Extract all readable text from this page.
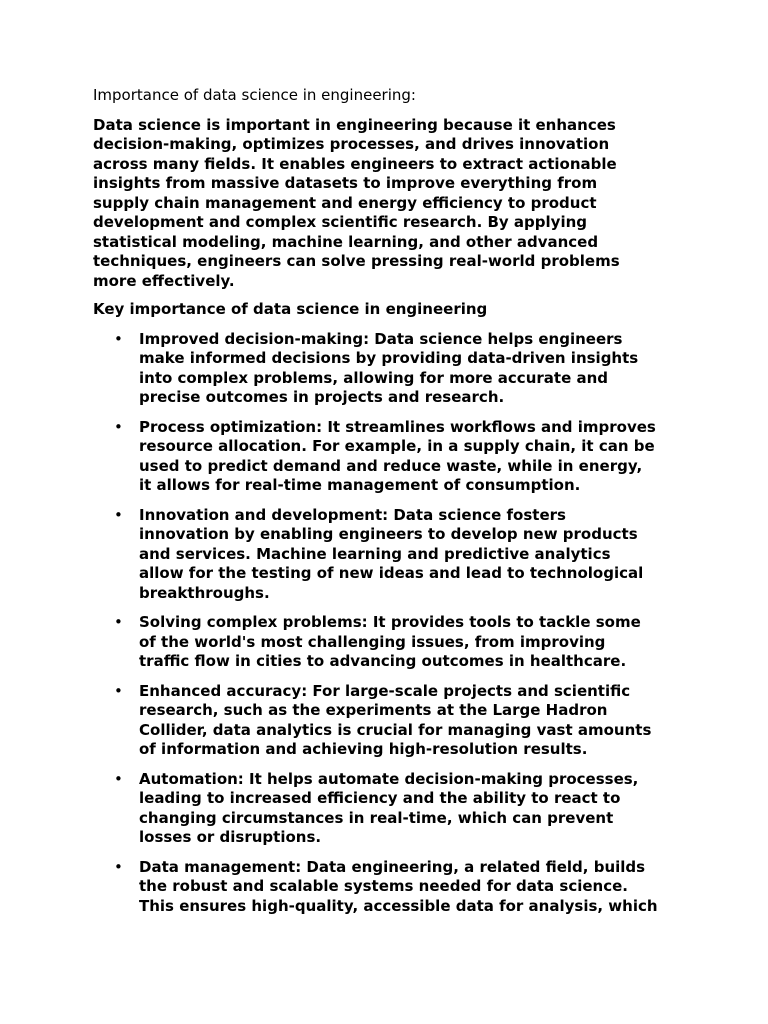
Importance of data science in engineering:

Data science is important in engineering because it enhances
decision-making, optimizes processes, and drives innovation
across many fields. It enables engineers to extract actionable
insights from massive datasets to improve everything from
supply chain management and energy efficiency to product
development and complex scientific research. By applying
statistical modeling, machine learning, and other advanced
techniques, engineers can solve pressing real-world problems
more effectively.

Key importance of data science in engineering

• Improved decision-making: Data science helps engineers
make informed decisions by providing data-driven insights
into complex problems, allowing for more accurate and
precise outcomes in projects and research.
• Process optimization: It streamlines workflows and improves
resource allocation. For example, in a supply chain, it can be
used to predict demand and reduce waste, while in energy,
it allows for real-time management of consumption.
• Innovation and development: Data science fosters
innovation by enabling engineers to develop new products
and services. Machine learning and predictive analytics
allow for the testing of new ideas and lead to technological
breakthroughs.
• Solving complex problems: It provides tools to tackle some
of the world's most challenging issues, from improving
traffic flow in cities to advancing outcomes in healthcare.
• Enhanced accuracy: For large-scale projects and scientific
research, such as the experiments at the Large Hadron
Collider, data analytics is crucial for managing vast amounts
of information and achieving high-resolution results.
• Automation: It helps automate decision-making processes,
leading to increased efficiency and the ability to react to
changing circumstances in real-time, which can prevent
losses or disruptions.
• Data management: Data engineering, a related field, builds
the robust and scalable systems needed for data science.
This ensures high-quality, accessible data for analysis, which
